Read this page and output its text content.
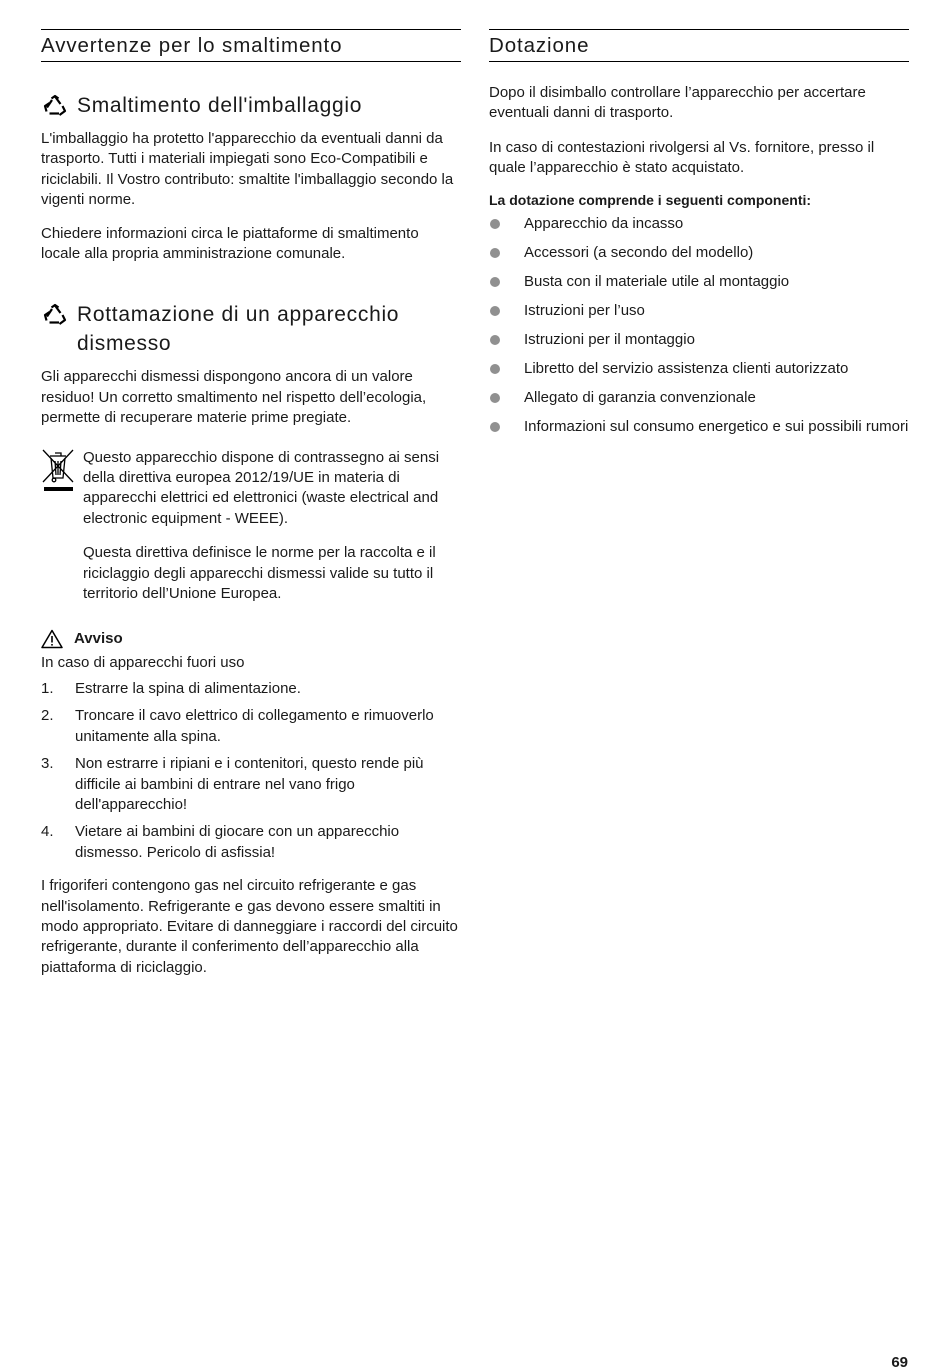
Avvertenze per lo smaltimento
Smaltimento dell'imballaggio

L'imballaggio ha protetto l'apparecchio da eventuali danni da trasporto. Tutti i materiali impiegati sono Eco-Compatibili e riciclabili. Il Vostro contributo: smaltite l'imballaggio secondo la vigenti norme.

Chiedere informazioni circa le piattaforme di smaltimento locale alla propria amministrazione comunale.

Rottamazione di un apparecchio dismesso

Gli apparecchi dismessi dispongono ancora di un valore residuo! Un corretto smaltimento nel rispetto dell’ecologia, permette di recuperare materie prime pregiate.

Questo apparecchio dispone di contrassegno ai sensi della direttiva europea 2012/19/UE in materia di apparecchi elettrici ed elettronici (waste electrical and electronic equipment - WEEE).

Questa direttiva definisce le norme per la raccolta e il riciclaggio degli apparecchi dismessi valide su tutto il territorio dell’Unione Europea.

Avviso

In caso di apparecchi fuori uso

1.	Estrarre la spina di alimentazione.
2.	Troncare il cavo elettrico di collegamento e rimuoverlo unitamente alla spina.
3.	Non estrarre i ripiani e i contenitori, questo rende più difficile ai bambini di entrare nel vano frigo dell'apparecchio!
4.	Vietare ai bambini di giocare con un apparecchio dismesso. Pericolo di asfissia!

I frigoriferi contengono gas nel circuito refrigerante e gas nell'isolamento. Refrigerante e gas devono essere smaltiti in modo appropriato. Evitare di danneggiare i raccordi del circuito refrigerante, durante il conferimento dell’apparecchio alla piattaforma di riciclaggio.

Dotazione

Dopo il disimballo controllare l’apparecchio per accertare eventuali danni di trasporto.

In caso di contestazioni rivolgersi al Vs. fornitore, presso il quale l’apparecchio è stato acquistato.

La dotazione comprende i seguenti componenti:
Apparecchio da incasso
Accessori (a secondo del modello)
Busta con il materiale utile al montaggio
Istruzioni per l’uso
Istruzioni per il montaggio
Libretto del servizio assistenza clienti autorizzato
Allegato di garanzia convenzionale
Informazioni sul consumo energetico e sui possibili rumori
69
